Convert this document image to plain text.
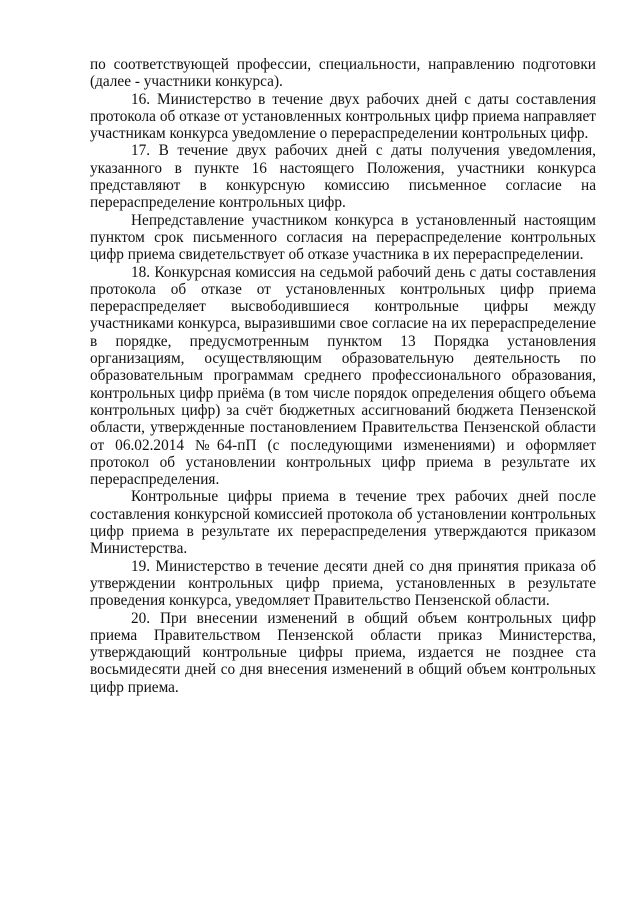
по соответствующей профессии, специальности, направлению подготовки (далее - участники конкурса).

16. Министерство в течение двух рабочих дней с даты составления протокола об отказе от установленных контрольных цифр приема направляет участникам конкурса уведомление о перераспределении контрольных цифр.

17. В течение двух рабочих дней с даты получения уведомления, указанного в пункте 16 настоящего Положения, участники конкурса представляют в конкурсную комиссию письменное согласие на перераспределение контрольных цифр.

Непредставление участником конкурса в установленный настоящим пунктом срок письменного согласия на перераспределение контрольных цифр приема свидетельствует об отказе участника в их перераспределении.

18. Конкурсная комиссия на седьмой рабочий день с даты составления протокола об отказе от установленных контрольных цифр приема перераспределяет высвободившиеся контрольные цифры между участниками конкурса, выразившими свое согласие на их перераспределение в порядке, предусмотренным пунктом 13 Порядка установления организациям, осуществляющим образовательную деятельность по образовательным программам среднего профессионального образования, контрольных цифр приёма (в том числе порядок определения общего объема контрольных цифр) за счёт бюджетных ассигнований бюджета Пензенской области, утвержденные постановлением Правительства Пензенской области от 06.02.2014 №64-пП (с последующими изменениями) и оформляет протокол об установлении контрольных цифр приема в результате их перераспределения.

Контрольные цифры приема в течение трех рабочих дней после составления конкурсной комиссией протокола об установлении контрольных цифр приема в результате их перераспределения утверждаются приказом Министерства.

19. Министерство в течение десяти дней со дня принятия приказа об утверждении контрольных цифр приема, установленных в результате проведения конкурса, уведомляет Правительство Пензенской области.

20. При внесении изменений в общий объем контрольных цифр приема Правительством Пензенской области приказ Министерства, утверждающий контрольные цифры приема, издается не позднее ста восьмидесяти дней со дня внесения изменений в общий объем контрольных цифр приема.
